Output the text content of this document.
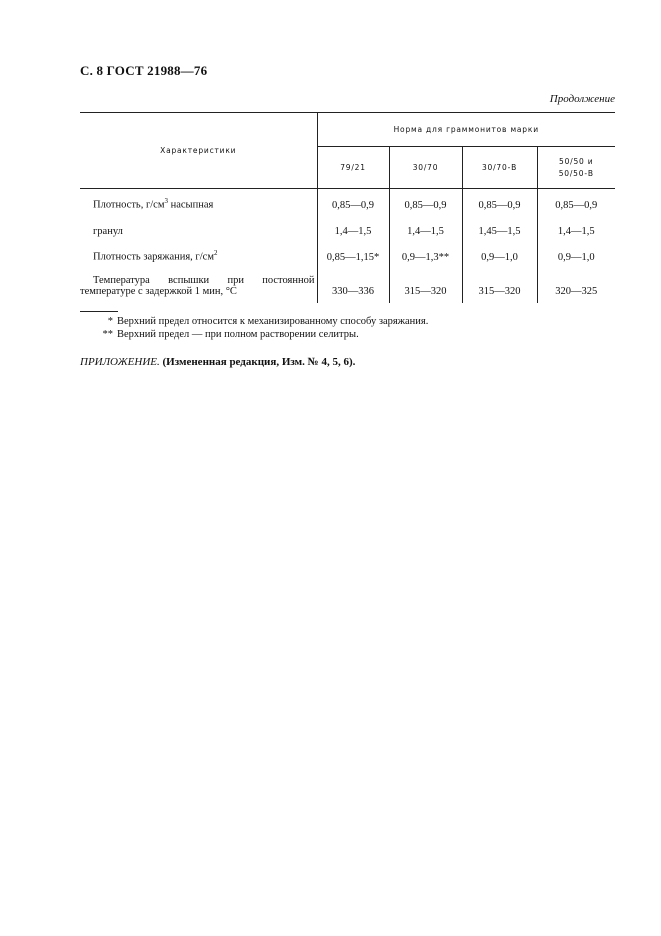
С. 8 ГОСТ 21988—76
Продолжение
Характеристики	Норма для граммонитов марки			
	79/21	30/70	30/70-В	50/50 и 50/50-В
Плотность, $г/см^3$ насыпная	0,85—0,9	0,85—0,9	0,85—0,9	0,85—0,9
гранул	1,4—1,5	1,4—1,5	1,45—1,5	1,4—1,5
Плотность заряжания, $г/см^2$	0,85—1,15*	0,9—1,3**	0,9—1,0	0,9—1,0

Температура вспышки при постоянной
температуре с задержкой 1 мин, °С	330—336	315—320	315—320	320—325
* Верхний предел относится к механизированному способу заряжания.
** Верхний предел — при полном растворении селитры.
ПРИЛОЖЕНИЕ. (Измененная редакция, Изм. № 4, 5, 6).
